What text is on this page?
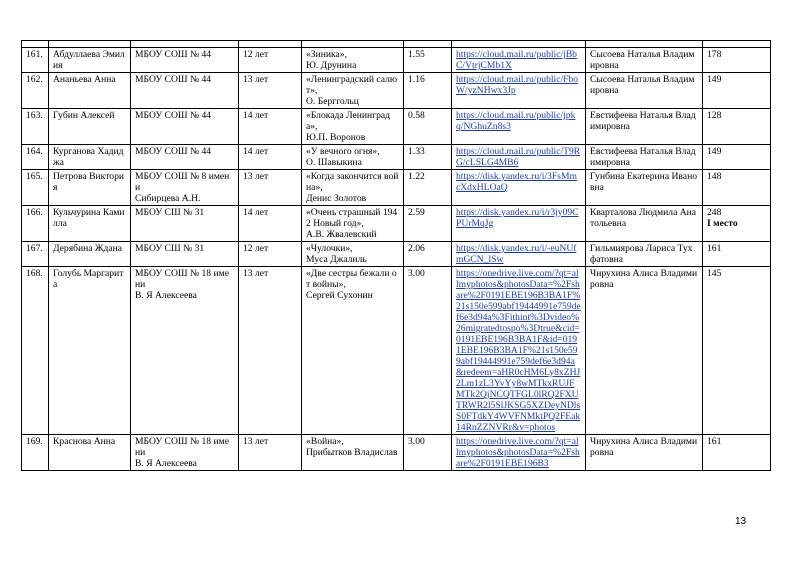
161.	Абдуллаева Эмилия	МБОУ СОШ № 44	12 лет	«Зиника»,
Ю. Друнина	1.55	https://cloud.mail.ru/public/jBbC/VtrjCMb1X	Сысоева Наталья Владимировна	178
162.	Ананьева Анна	МБОУ СОШ № 44	13 лет	«Ленинградский салют»,
О. Берггольц	1.16	https://cloud.mail.ru/public/FboW/yzNHwx3Jp	Сысоева Наталья Владимировна	149
163.	Губин Алексей	МБОУ СОШ № 44	14 лет	«Блокада Ленинграда»,
Ю.П. Воронов	0.58	https://cloud.mail.ru/public/jpkq/NGhuZn8s3	Евстифеева Наталья Владимировна	128
164.	Курганова Хадиджа	МБОУ СОШ № 44	14 лет	«У вечного огня»,
О. Шавыкина	1.33	https://cloud.mail.ru/public/T9RG/cLSLG4MB6	Евстифеева Наталья Владимировна	149
165.	Петрова Виктория	МБОУ СОШ № 8 имени
Сибирцева А.Н.	13 лет	«Когда закончится война»,
Денис Золотов	1.22	https://disk.yandex.ru/i/3FsMmcXdxHLOaQ	Гунбина Екатерина Ивановна	148
166.	Кульчурина Камилла	МБОУ СШ № 31	14 лет	«Очень страшный 1942 Новый год»,
А.В. Жвалевский	2.59	https://disk.yandex.ru/i/r3jy09CPUrMqJg	Кварталова Людмила Анатольевна	248
I место

167.	Дерябина Ждана	МБОУ СШ № 31	12 лет	«Чулочки»,
Муса Джалиль	2.06	https://disk.yandex.ru/i/-euNUfmGCN_lSw	Гильмиярова Лариса Тухфатовна	161
168.	Голубь Маргарита	МБОУ СОШ № 18 имени
В. Я Алексеева	13 лет	«Две сестры бежали от войны»,
Сергей Сухонин	3.00	https://onedrive.live.com/?qt=allmyphotos&photosData=%2Fshare%2F0191EBE196B3BA1F%21s150e599abf19444991e759def6e3d94a%3Fithint%3Dvideo%26migratedtospo%3Dtrue&cid=0191EBE196B3BA1F&id=0191EBE196B3BA1F%21s150e599abf19444991e759def6e3d94a&redeem=aHR0cHM6Ly8xZHJ2Lm1zL3YvYy8wMTkxRUJFMTk2QjNCQTFGL0lRQ2FXUTRWR2l5SlJKSG5XZDeyNDlsS0FTdkY4WVFNMktPQ2FEak14RnZZNVRr&v=photos	Чирухина Алиса Владимировна	145
169.	Краснова Анна	МБОУ СОШ № 18 имени
В. Я Алексеева	13 лет	«Война»,
Прибытков Владислав	3.00	https://onedrive.live.com/?qt=allmyphotos&photosData=%2Fshare%2F0191EBE196B3	Чирухина Алиса Владимировна	161
13
